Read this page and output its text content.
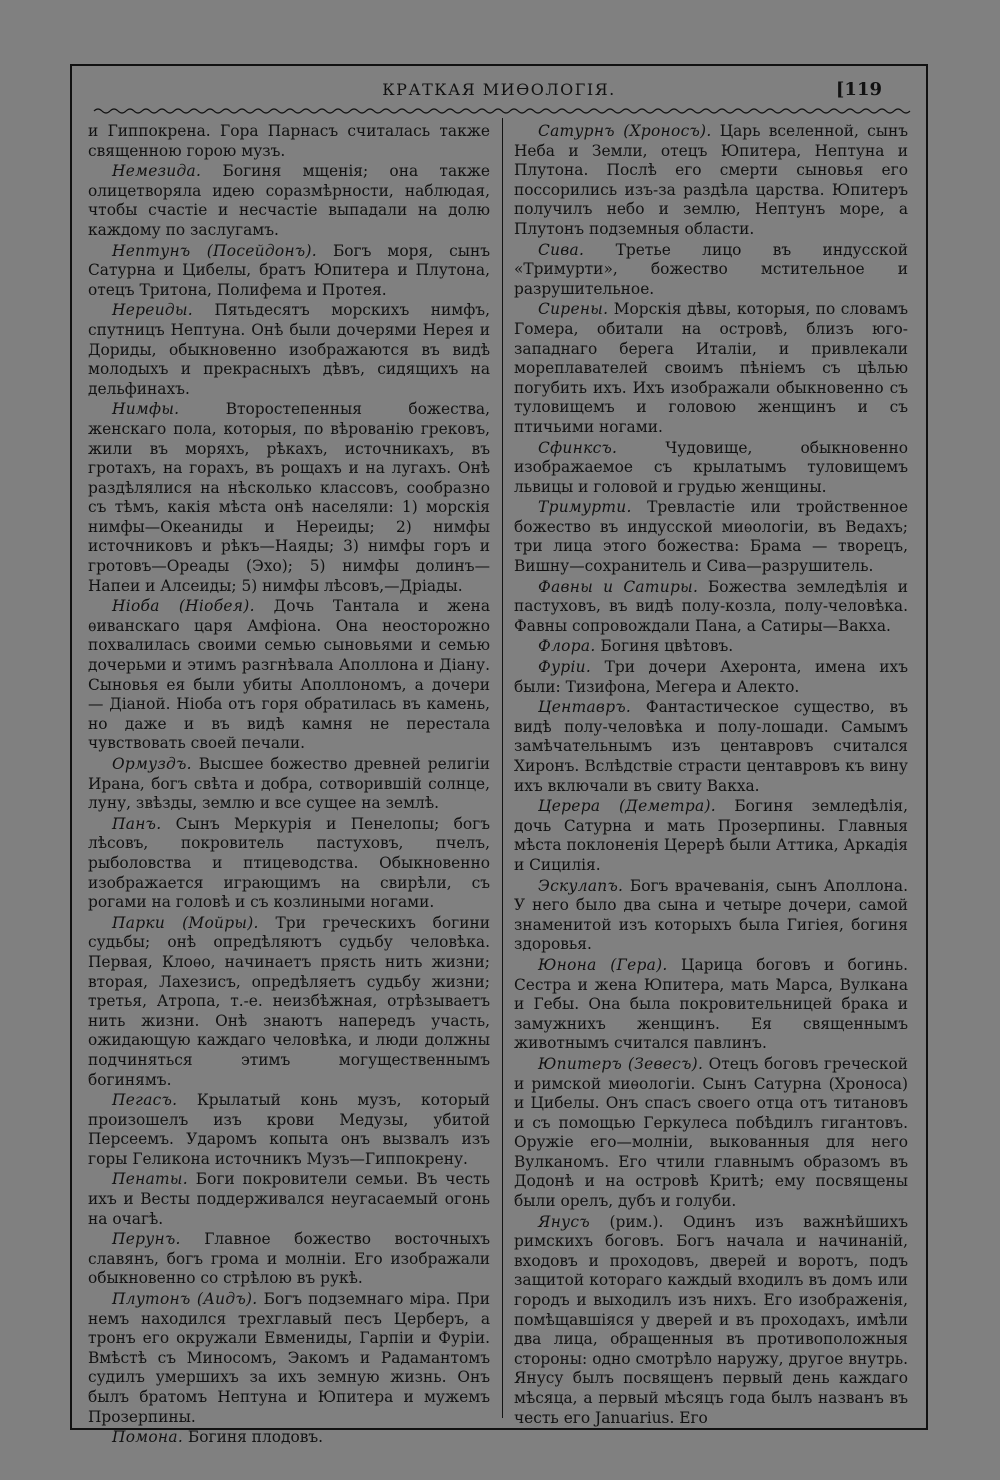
КРАТКАЯ МИѲОЛОГІЯ.	[119

и Гиппокрена. Гора Парнасъ считалась также священною горою музъ.

Немезида. Богиня мщенія; она также олицетворяла идею соразмѣрности, наблюдая, чтобы счастіе и несчастіе выпадали на долю каждому по заслугамъ.

Нептунъ (Посейдонъ). Богъ моря, сынъ Сатурна и Цибелы, братъ Юпитера и Плутона, отецъ Тритона, Полифема и Протея.

Нереиды. Пятьдесятъ морскихъ нимфъ, спутницъ Нептуна. Онѣ были дочерями Нерея и Дориды, обыкновенно изображаются въ видѣ молодыхъ и прекрасныхъ дѣвъ, сидящихъ на дельфинахъ.

Нимфы. Второстепенныя божества, женскаго пола, которыя, по вѣрованію грековъ, жили въ моряхъ, рѣкахъ, источникахъ, въ гротахъ, на горахъ, въ рощахъ и на лугахъ. Онѣ раздѣлялися на нѣсколько классовъ, сообразно съ тѣмъ, какія мѣста онѣ населяли: 1) морскія нимфы—Океаниды и Нереиды; 2) нимфы источниковъ и рѣкъ—Наяды; 3) нимфы горъ и гротовъ—Ореады (Эхо); 5) нимфы долинъ—Напеи и Алсеиды; 5) нимфы лѣсовъ,—Дріады.

Ніоба (Ніобея). Дочь Тантала и жена ѳиванскаго царя Амфіона. Она неосторожно похвалилась своими семью сыновьями и семью дочерьми и этимъ разгнѣвала Аполлона и Діану. Сыновья ея были убиты Аполлономъ, а дочери — Діаной. Ніоба отъ горя обратилась въ камень, но даже и въ видѣ камня не перестала чувствовать своей печали.

Ормуздъ. Высшее божество древней религіи Ирана, богъ свѣта и добра, сотворившій солнце, луну, звѣзды, землю и все сущее на землѣ.

Панъ. Сынъ Меркурія и Пенелопы; богъ лѣсовъ, покровитель пастуховъ, пчелъ, рыболовства и птицеводства. Обыкновенно изображается играющимъ на свирѣли, съ рогами на головѣ и съ козлиными ногами.

Парки (Мойры). Три греческихъ богини судьбы; онѣ опредѣляютъ судьбу человѣка. Первая, Клоѳо, начинаетъ прясть нить жизни; вторая, Лахезисъ, опредѣляетъ судьбу жизни; третья, Атропа, т.-е. неизбѣжная, отрѣзываетъ нить жизни. Онѣ знаютъ напередъ участь, ожидающую каждаго человѣка, и люди должны подчиняться этимъ могущественнымъ богинямъ.

Пегасъ. Крылатый конь музъ, который произошелъ изъ крови Медузы, убитой Персеемъ. Ударомъ копыта онъ вызвалъ изъ горы Геликона источникъ Музъ—Гиппокрену.

Пенаты. Боги покровители семьи. Въ честь ихъ и Весты поддерживался неугасаемый огонь на очагѣ.

Перунъ. Главное божество восточныхъ славянъ, богъ грома и молніи. Его изображали обыкновенно со стрѣлою въ рукѣ.

Плутонъ (Аидъ). Богъ подземнаго міра. При немъ находился трехглавый песъ Церберъ, а тронъ его окружали Евмениды, Гарпіи и Фуріи. Вмѣстѣ съ Миносомъ, Эакомъ и Радамантомъ судилъ умершихъ за ихъ земную жизнь. Онъ былъ братомъ Нептуна и Юпитера и мужемъ Прозерпины.

Помона. Богиня плодовъ.

Сатурнъ (Хроносъ). Царь вселенной, сынъ Неба и Земли, отецъ Юпитера, Нептуна и Плутона. Послѣ его смерти сыновья его поссорились изъ-за раздѣла царства. Юпитеръ получилъ небо и землю, Нептунъ море, а Плутонъ подземныя области.

Сива. Третье лицо въ индусской «Тримурти», божество мстительное и разрушительное.

Сирены. Морскія дѣвы, которыя, по словамъ Гомера, обитали на островѣ, близъ юго-западнаго берега Италіи, и привлекали мореплавателей своимъ пѣніемъ съ цѣлью погубить ихъ. Ихъ изображали обыкновенно съ туловищемъ и головою женщинъ и съ птичьими ногами.

Сфинксъ. Чудовище, обыкновенно изображаемое съ крылатымъ туловищемъ львицы и головой и грудью женщины.

Тримурти. Тревластіе или тройственное божество въ индусской миѳологіи, въ Ведахъ; три лица этого божества: Брама — творецъ, Вишну—сохранитель и Сива—разрушитель.

Фавны и Сатиры. Божества земледѣлія и пастуховъ, въ видѣ полу-козла, полу-человѣка. Фавны сопровождали Пана, а Сатиры—Вакха.

Флора. Богиня цвѣтовъ.

Фуріи. Три дочери Ахеронта, имена ихъ были: Тизифона, Мегера и Алекто.

Центавръ. Фантастическое существо, въ видѣ полу-человѣка и полу-лошади. Самымъ замѣчательнымъ изъ центавровъ считался Хиронъ. Вслѣдствіе страсти центавровъ къ вину ихъ включали въ свиту Вакха.

Церера (Деметра). Богиня земледѣлія, дочь Сатурна и мать Прозерпины. Главныя мѣста поклоненія Церерѣ были Аттика, Аркадія и Сицилія.

Эскулапъ. Богъ врачеванія, сынъ Аполлона. У него было два сына и четыре дочери, самой знаменитой изъ которыхъ была Гигіея, богиня здоровья.

Юнона (Гера). Царица боговъ и богинь. Сестра и жена Юпитера, мать Марса, Вулкана и Гебы. Она была покровительницей брака и замужнихъ женщинъ. Ея священнымъ животнымъ считался павлинъ.

Юпитеръ (Зевесъ). Отецъ боговъ греческой и римской миѳологіи. Сынъ Сатурна (Хроноса) и Цибелы. Онъ спасъ своего отца отъ титановъ и съ помощью Геркулеса побѣдилъ гигантовъ. Оружіе его—молніи, выкованныя для него Вулканомъ. Его чтили главнымъ образомъ въ Додонѣ и на островѣ Критѣ; ему посвящены были орелъ, дубъ и голуби.

Янусъ (рим.). Одинъ изъ важнѣйшихъ римскихъ боговъ. Богъ начала и начинаній, входовъ и проходовъ, дверей и воротъ, подъ защитой котораго каждый входилъ въ домъ или городъ и выходилъ изъ нихъ. Его изображенія, помѣщавшіяся у дверей и въ проходахъ, имѣли два лица, обращенныя въ противоположныя стороны: одно смотрѣло наружу, другое внутрь. Янусу былъ посвященъ первый день каждаго мѣсяца, а первый мѣсяцъ года былъ названъ въ честь его Januarius. Его
